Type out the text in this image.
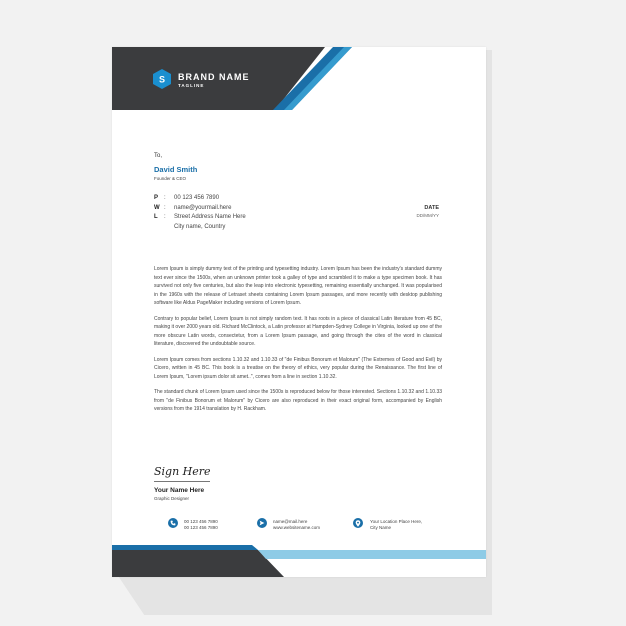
S BRAND NAME
TAGLINE
To,
David Smith
Founder & CEO
P :	00 123 456 7890
W :	name@yourmail.here
L	:	Street Address Name Here
City name, Country
DATE
DD/MM/YY

Lorem Ipsum is simply dummy text of the printing and typesetting industry. Lorem Ipsum has been the industry's standard dummy text ever since the 1500s, when an unknown printer took a galley of type and scrambled it to make a type specimen book. It has survived not only five centuries, but also the leap into electronic typesetting, remaining essentially unchanged. It was popularised in the 1960s with the release of Letraset sheets containing Lorem Ipsum passages, and more recently with desktop publishing software like Aldus PageMaker including versions of Lorem Ipsum.

Contrary to popular belief, Lorem Ipsum is not simply random text. It has roots in a piece of classical Latin literature from 45 BC, making it over 2000 years old. Richard McClintock, a Latin professor at Hampden-Sydney College in Virginia, looked up one of the more obscure Latin words, consectetur, from a Lorem Ipsum passage, and going through the cites of the word in classical literature, discovered the undoubtable source.

Lorem Ipsum comes from sections 1.10.32 and 1.10.33 of "de Finibus Bonorum et Malorum" (The Extremes of Good and Evil) by Cicero, written in 45 BC. This book is a treatise on the theory of ethics, very popular during the Renaissance. The first line of Lorem Ipsum, "Lorem ipsum dolor sit amet..", comes from a line in section 1.10.32.

The standard chunk of Lorem Ipsum used since the 1500s is reproduced below for those interested. Sections 1.10.32 and 1.10.33 from "de Finibus Bonorum et Malorum" by Cicero are also reproduced in their exact original form, accompanied by English versions from the 1914 translation by H. Rackham.

Sign Here
Your Name Here
Graphic Designer
00 123 456 7890
00 123 456 7890
name@mail.here
www.websitename.com
Your Location Place Here,
City Name
